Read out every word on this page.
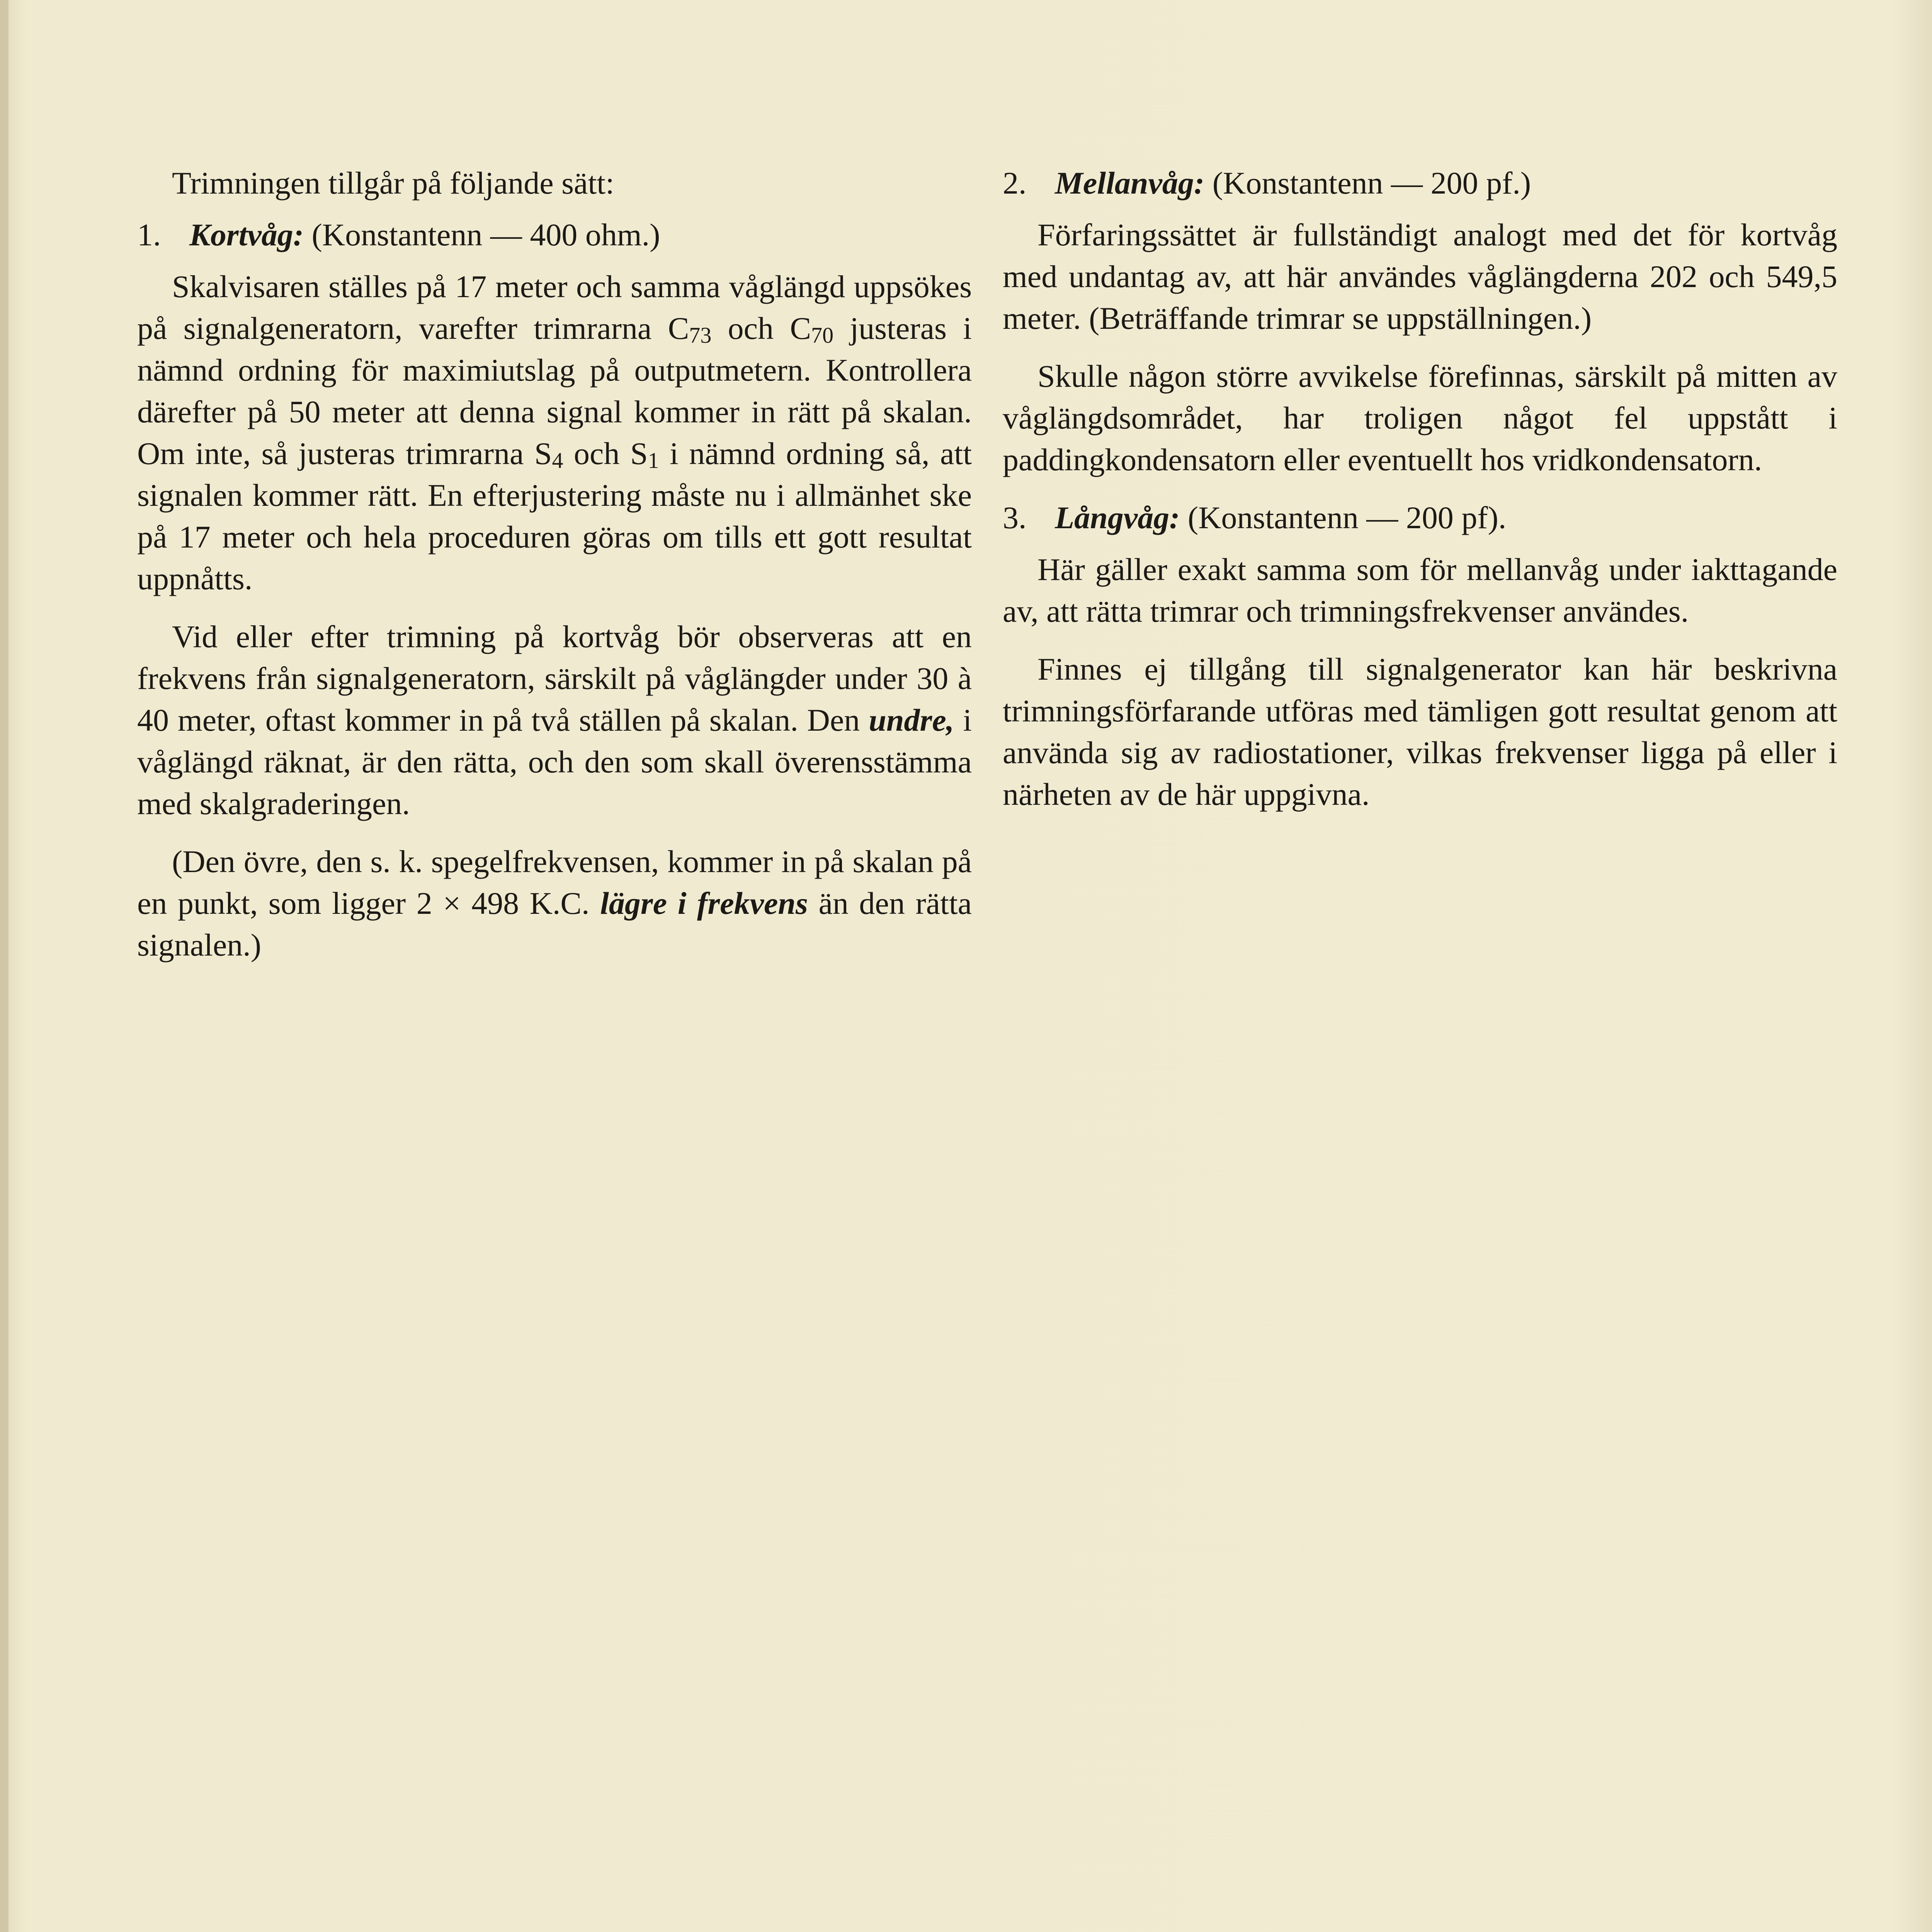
Trimningen tillgår på följande sätt:

1. Kortvåg: (Konstantenn — 400 ohm.)

Skalvisaren ställes på 17 meter och samma våglängd uppsökes på signalgeneratorn, varefter trimrarna $C_{73}$ och $C_{70}$ justeras i nämnd ordning för maximiutslag på outputmetern. Kontrollera därefter på 50 meter att denna signal kommer in rätt på skalan. Om inte, så justeras trimrarna $S_4$ och $S_1$ i nämnd ordning så, att signalen kommer rätt. En efterjustering måste nu i allmänhet ske på 17 meter och hela proceduren göras om tills ett gott resultat uppnåtts.

Vid eller efter trimning på kortvåg bör observeras att en frekvens från signalgeneratorn, särskilt på våglängder under 30 à 40 meter, oftast kommer in på två ställen på skalan. Den undre, i våglängd räknat, är den rätta, och den som skall överensstämma med skalgraderingen.

(Den övre, den s. k. spegelfrekvensen, kommer in på skalan på en punkt, som ligger 2 × 498 K.C. lägre i frekvens än den rätta signalen.)

2. Mellanvåg: (Konstantenn — 200 pf.)

Förfaringssättet är fullständigt analogt med det för kortvåg med undantag av, att här användes våglängderna 202 och 549,5 meter. (Beträffande trimrar se uppställningen.)

Skulle någon större avvikelse förefinnas, särskilt på mitten av våglängdsområdet, har troligen något fel uppstått i paddingkondensatorn eller eventuellt hos vridkondensatorn.

3. Långvåg: (Konstantenn — 200 pf).

Här gäller exakt samma som för mellanvåg under iakttagande av, att rätta trimrar och trimningsfrekvenser användes.

Finnes ej tillgång till signalgenerator kan här beskrivna trimningsförfarande utföras med tämligen gott resultat genom att använda sig av radiostationer, vilkas frekvenser ligga på eller i närheten av de här uppgivna.
